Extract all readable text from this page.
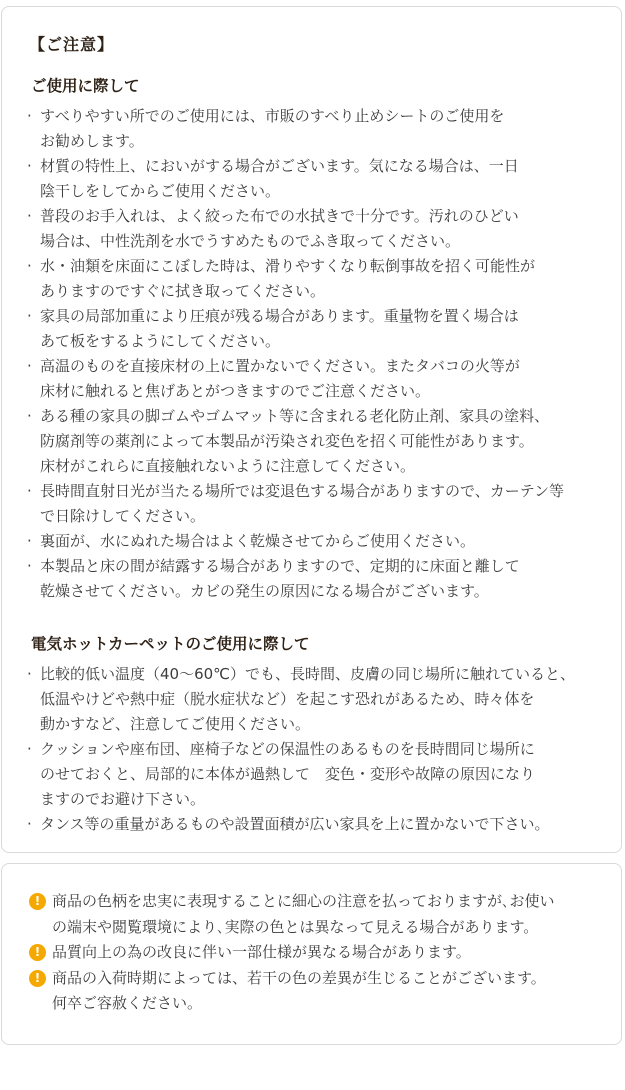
【ご注意】
ご使用に際して
· すべりやすい所でのご使用には、市販のすべり止めシートのご使用を
お勧めします。
· 材質の特性上、においがする場合がございます。気になる場合は、一日
陰干しをしてからご使用ください。
· 普段のお手入れは、よく絞った布での水拭きで十分です。汚れのひどい
場合は、中性洗剤を水でうすめたものでふき取ってください。
· 水・油類を床面にこぼした時は、滑りやすくなり転倒事故を招く可能性が
ありますのですぐに拭き取ってください。
· 家具の局部加重により圧痕が残る場合があります。重量物を置く場合は
あて板をするようにしてください。
· 高温のものを直接床材の上に置かないでください。またタバコの火等が
床材に触れると焦げあとがつきますのでご注意ください。
· ある種の家具の脚ゴムやゴムマット等に含まれる老化防止剤、家具の塗料、
防腐剤等の薬剤によって本製品が汚染され変色を招く可能性があります。
床材がこれらに直接触れないように注意してください。
· 長時間直射日光が当たる場所では変退色する場合がありますので、カーテン等
で日除けしてください。
· 裏面が、水にぬれた場合はよく乾燥させてからご使用ください。
· 本製品と床の間が結露する場合がありますので、定期的に床面と離して
乾燥させてください。カビの発生の原因になる場合がございます。
電気ホットカーペットのご使用に際して
· 比較的低い温度（40〜60℃）でも、長時間、皮膚の同じ場所に触れていると、
低温やけどや熱中症（脱水症状など）を起こす恐れがあるため、時々体を
動かすなど、注意してご使用ください。
· クッションや座布団、座椅子などの保温性のあるものを長時間同じ場所に
のせておくと、局部的に本体が過熱して　変色・変形や故障の原因になり
ますのでお避け下さい。
· タンス等の重量があるものや設置面積が広い家具を上に置かないで下さい。
! 商品の色柄を忠実に表現することに細心の注意を払っておりますが､お使い
の端末や閲覧環境により､実際の色とは異なって見える場合があります。
! 品質向上の為の改良に伴い一部仕様が異なる場合があります。
! 商品の入荷時期によっては、若干の色の差異が生じることがございます。
何卒ご容赦ください。
